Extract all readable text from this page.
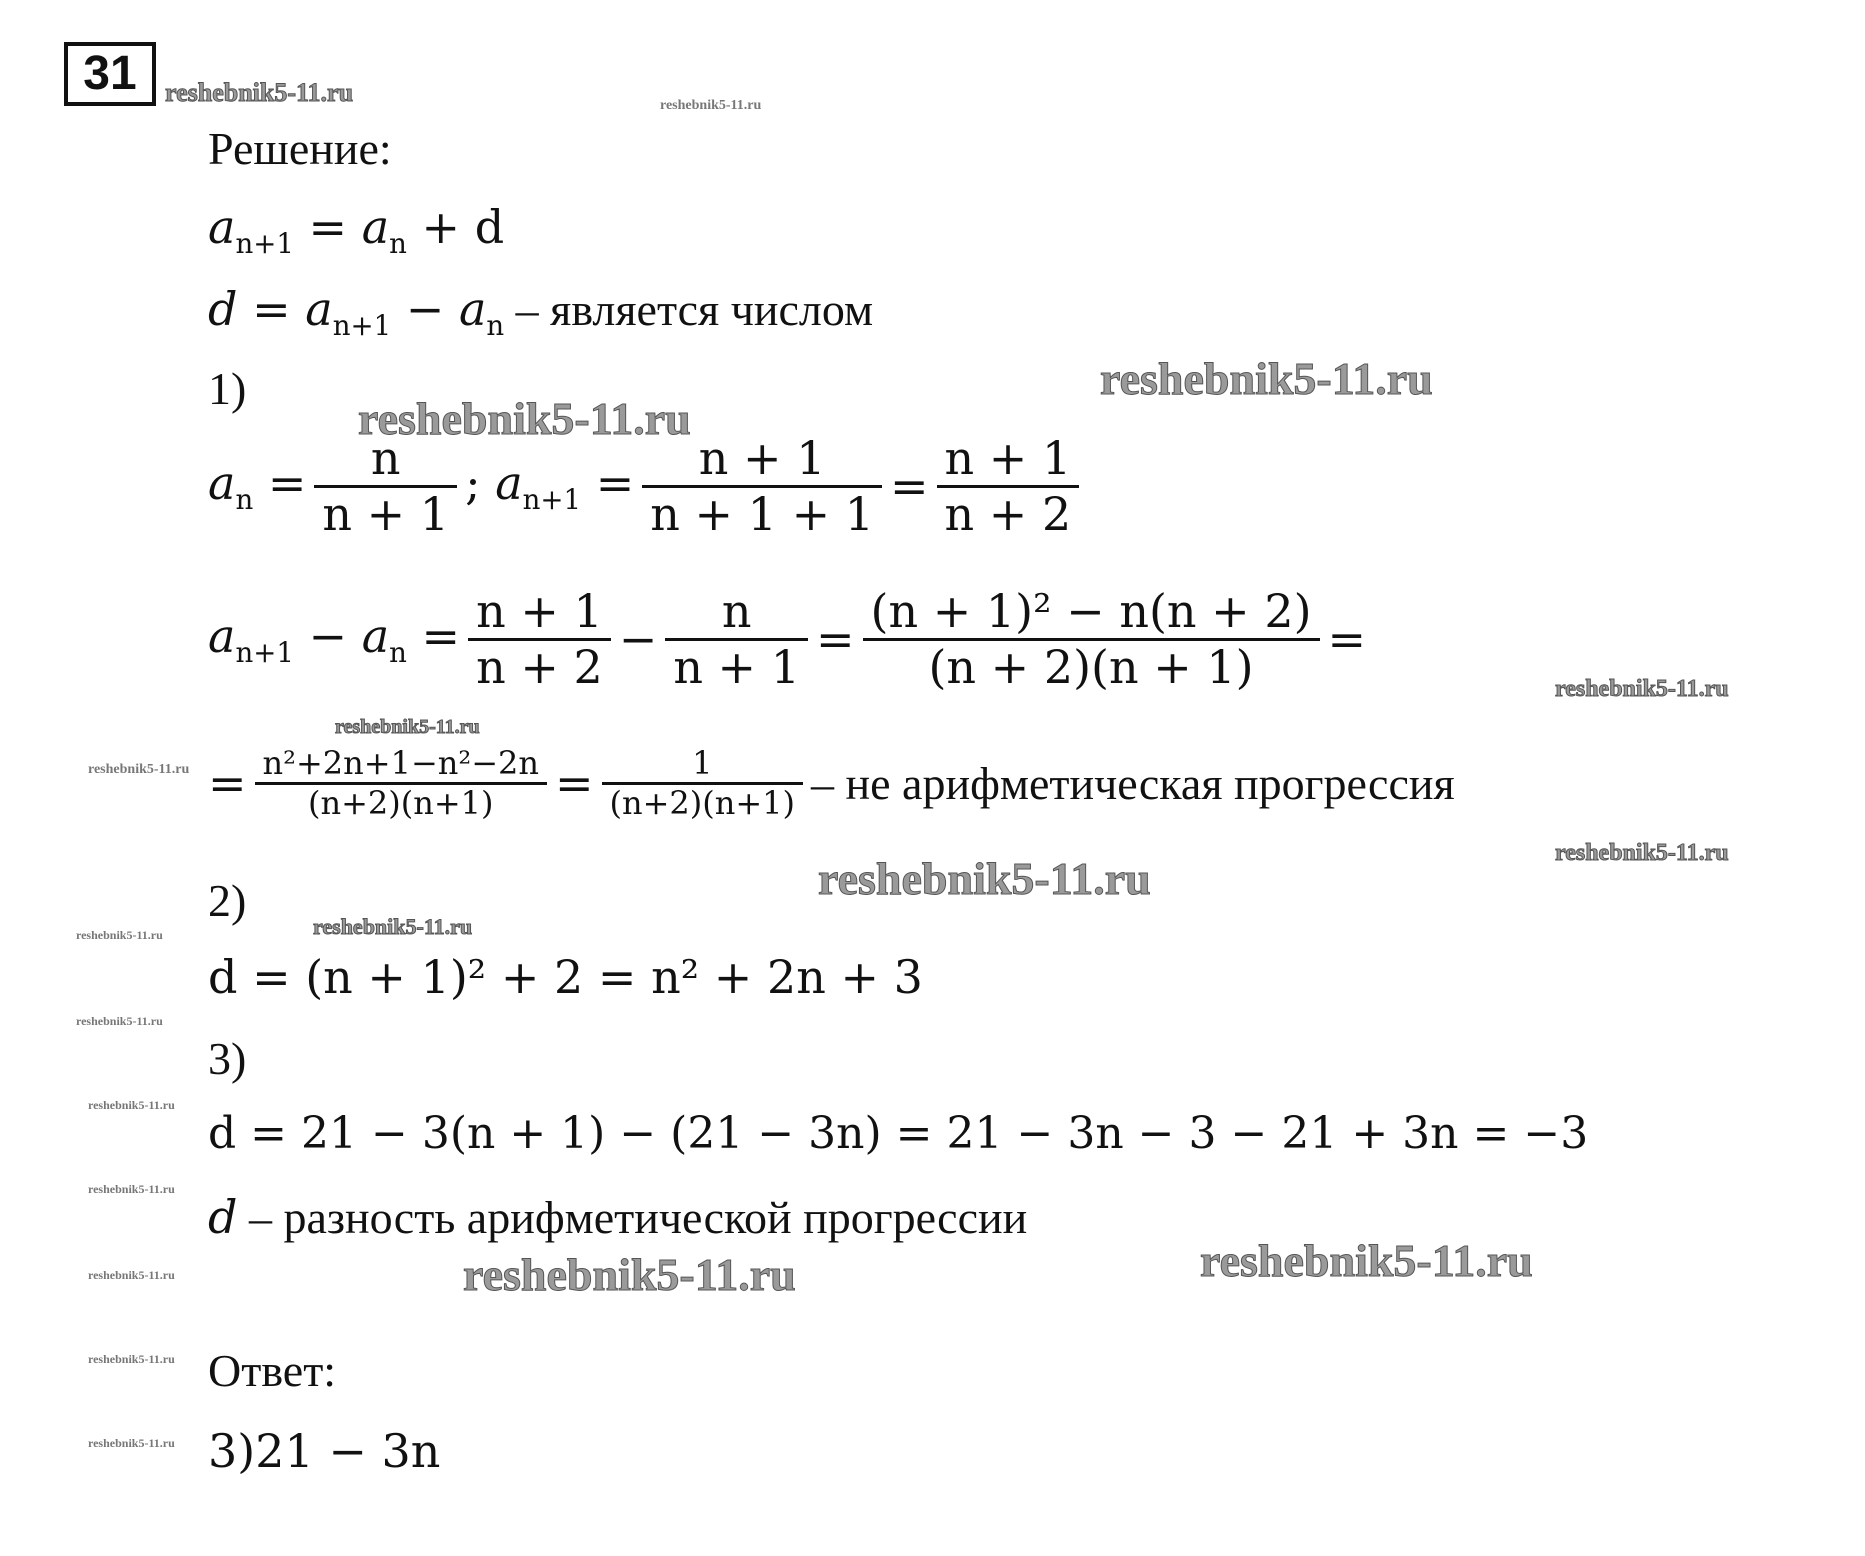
31	reshebnik5-11.ru	reshebnik5-11.ru
reshebnik5-11.ru
reshebnik5-11.ru
reshebnik5-11.ru
reshebnik5-11.ru
reshebnik5-11.ru
reshebnik5-11.ru
reshebnik5-11.ru
reshebnik5-11.ru	reshebnik5-11.ru
reshebnik5-11.ru
reshebnik5-11.ru
reshebnik5-11.ru
reshebnik5-11.ru	reshebnik5-11.ru
reshebnik5-11.ru
reshebnik5-11.ru
reshebnik5-11.ru
Решение:
$a_{n+1} = a_n + d$
$d = a_{n+1} - a_n$ – является числом
1)
$a_n = \frac{n}{n + 1}$ ; $a_{n+1} = \frac{n + 1}{n + 1 + 1} = \frac{n + 1}{n + 2}$
$a_{n+1} - a_n = \frac{n + 1}{n + 2} - \frac{n}{n + 1} = \frac{\text{(n + 1)² − n(n + 2)}}{(n + 2)(n + 1)}$ =
= $\frac{\text{n²+2n+1−n²−2n}}{(n+2)(n+1)} = \frac{1}{(n+2)(n+1)}$ – не арифметическая прогрессия
2)
d = (n + 1)² + 2 = n² + 2n + 3
3)
d = 21 − 3(n + 1) − (21 − 3n) = 21 − 3n − 3 − 21 + 3n = −3
d – разность арифметической прогрессии
Ответ:
3)21 − 3n
